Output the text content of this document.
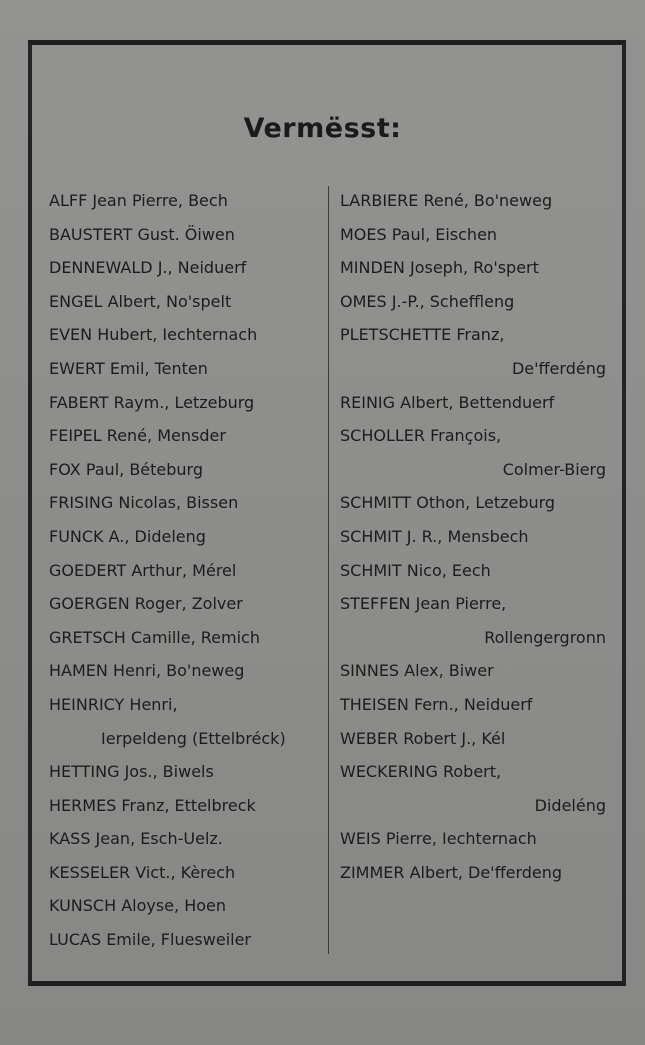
Vermësst:
ALFF Jean Pierre, Bech
BAUSTERT Gust. Öiwen
DENNEWALD J., Neiduerf
ENGEL Albert, No'spelt
EVEN Hubert, Iechternach
EWERT Emil, Tenten
FABERT Raym., Letzeburg
FEIPEL René, Mensder
FOX Paul, Béteburg
FRISING Nicolas, Bissen
FUNCK A., Dideleng
GOEDERT Arthur, Mérel
GOERGEN Roger, Zolver
GRETSCH Camille, Remich
HAMEN Henri, Bo'neweg
HEINRICY Henri,
Ierpeldeng (Ettelbréck)
HETTING Jos., Biwels
HERMES Franz, Ettelbreck
KASS Jean, Esch-Uelz.
KESSELER Vict., Kèrech
KUNSCH Aloyse, Hoen
LUCAS Emile, Fluesweiler
LARBIERE René, Bo'neweg
MOES Paul, Eischen
MINDEN Joseph, Ro'spert
OMES J.-P., Scheffleng
PLETSCHETTE Franz,
De'fferdéng
REINIG Albert, Bettenduerf
SCHOLLER François,
Colmer-Bierg
SCHMITT Othon, Letzeburg
SCHMIT J. R., Mensbech
SCHMIT Nico, Eech
STEFFEN Jean Pierre,
Rollengergronn
SINNES Alex, Biwer
THEISEN Fern., Neiduerf
WEBER Robert J., Kél
WECKERING Robert,
Dideléng
WEIS Pierre, Iechternach
ZIMMER Albert, De'fferdeng
